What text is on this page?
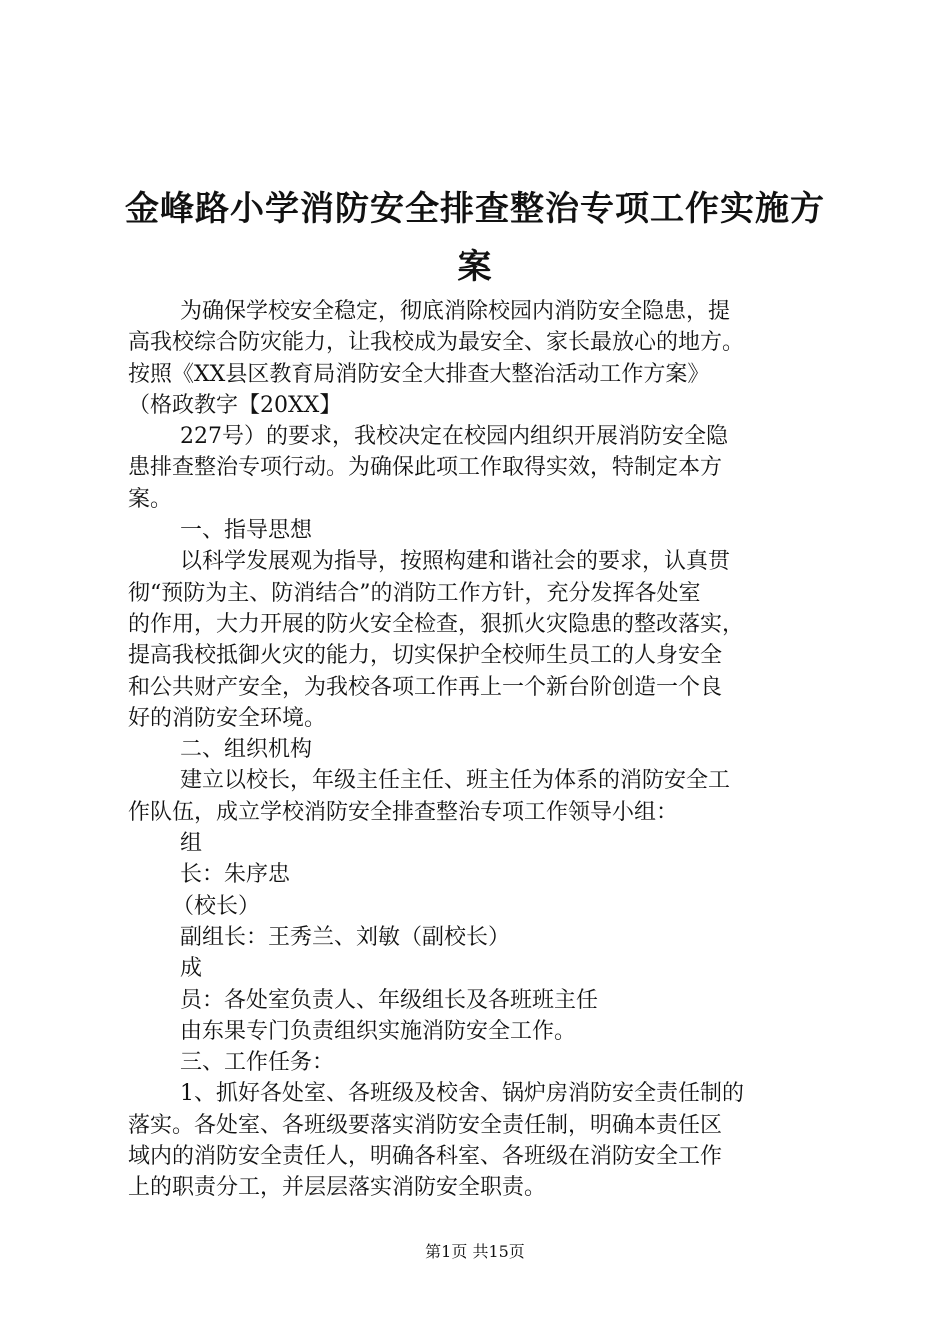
金峰路小学消防安全排查整治专项工作实施方
案
为确保学校安全稳定，彻底消除校园内消防安全隐患，提
高我校综合防灾能力，让我校成为最安全、家长最放心的地方。
按照《XX县区教育局消防安全大排查大整治活动工作方案》
（格政教字【20XX】
227号）的要求，我校决定在校园内组织开展消防安全隐
患排查整治专项行动。为确保此项工作取得实效，特制定本方
案。
一、指导思想
以科学发展观为指导，按照构建和谐社会的要求，认真贯
彻“预防为主、防消结合”的消防工作方针，充分发挥各处室
的作用，大力开展的防火安全检查，狠抓火灾隐患的整改落实，
提高我校抵御火灾的能力，切实保护全校师生员工的人身安全
和公共财产安全，为我校各项工作再上一个新台阶创造一个良
好的消防安全环境。
二、组织机构
建立以校长，年级主任主任、班主任为体系的消防安全工
作队伍，成立学校消防安全排查整治专项工作领导小组：
组
长：朱序忠
（校长）
副组长：王秀兰、刘敏（副校长）
成
员：各处室负责人、年级组长及各班班主任
由东果专门负责组织实施消防安全工作。
三、工作任务：
1、抓好各处室、各班级及校舍、锅炉房消防安全责任制的
落实。各处室、各班级要落实消防安全责任制，明确本责任区
域内的消防安全责任人，明确各科室、各班级在消防安全工作
上的职责分工，并层层落实消防安全职责。
第1页 共15页
